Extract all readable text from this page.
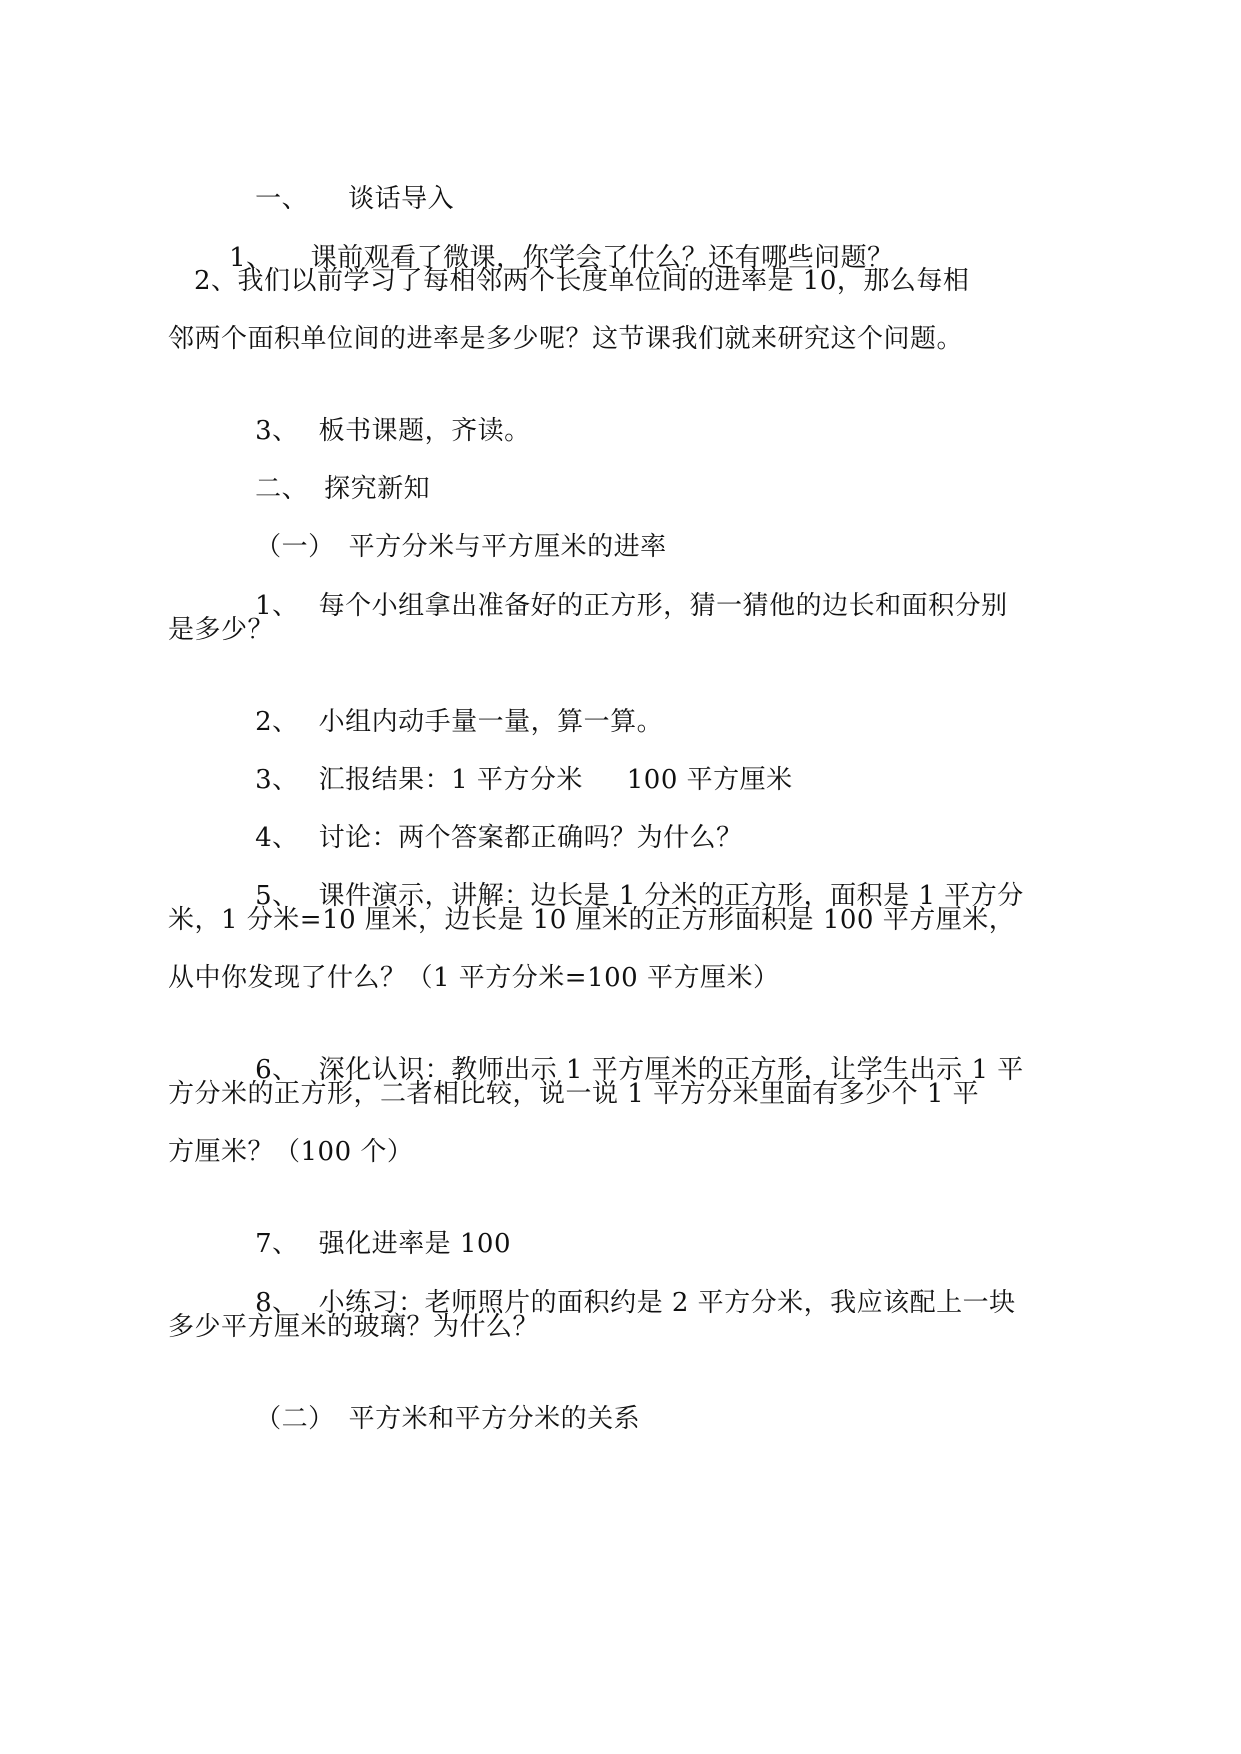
一、 谈话导入

1、 课前观看了微课，你学会了什么？还有哪些问题？

2、我们以前学习了每相邻两个长度单位间的进率是 10，那么每相
邻两个面积单位间的进率是多少呢？这节课我们就来研究这个问题。

3、 板书课题，齐读。

二、 探究新知

（一） 平方分米与平方厘米的进率

1、 每个小组拿出准备好的正方形，猜一猜他的边长和面积分别

是多少？

2、 小组内动手量一量，算一算。

3、 汇报结果：1 平方分米     100 平方厘米

4、 讨论：两个答案都正确吗？为什么？

5、 课件演示，讲解：边长是 1 分米的正方形，面积是 1 平方分

米，1 分米=10 厘米，边长是 10 厘米的正方形面积是 100 平方厘米，
从中你发现了什么？（1 平方分米=100 平方厘米）

6、 深化认识：教师出示 1 平方厘米的正方形，让学生出示 1 平

方分米的正方形，二者相比较，说一说 1 平方分米里面有多少个 1 平
方厘米？（100 个）

7、 强化进率是 100

8、 小练习：老师照片的面积约是 2 平方分米，我应该配上一块

多少平方厘米的玻璃？为什么？

（二） 平方米和平方分米的关系
